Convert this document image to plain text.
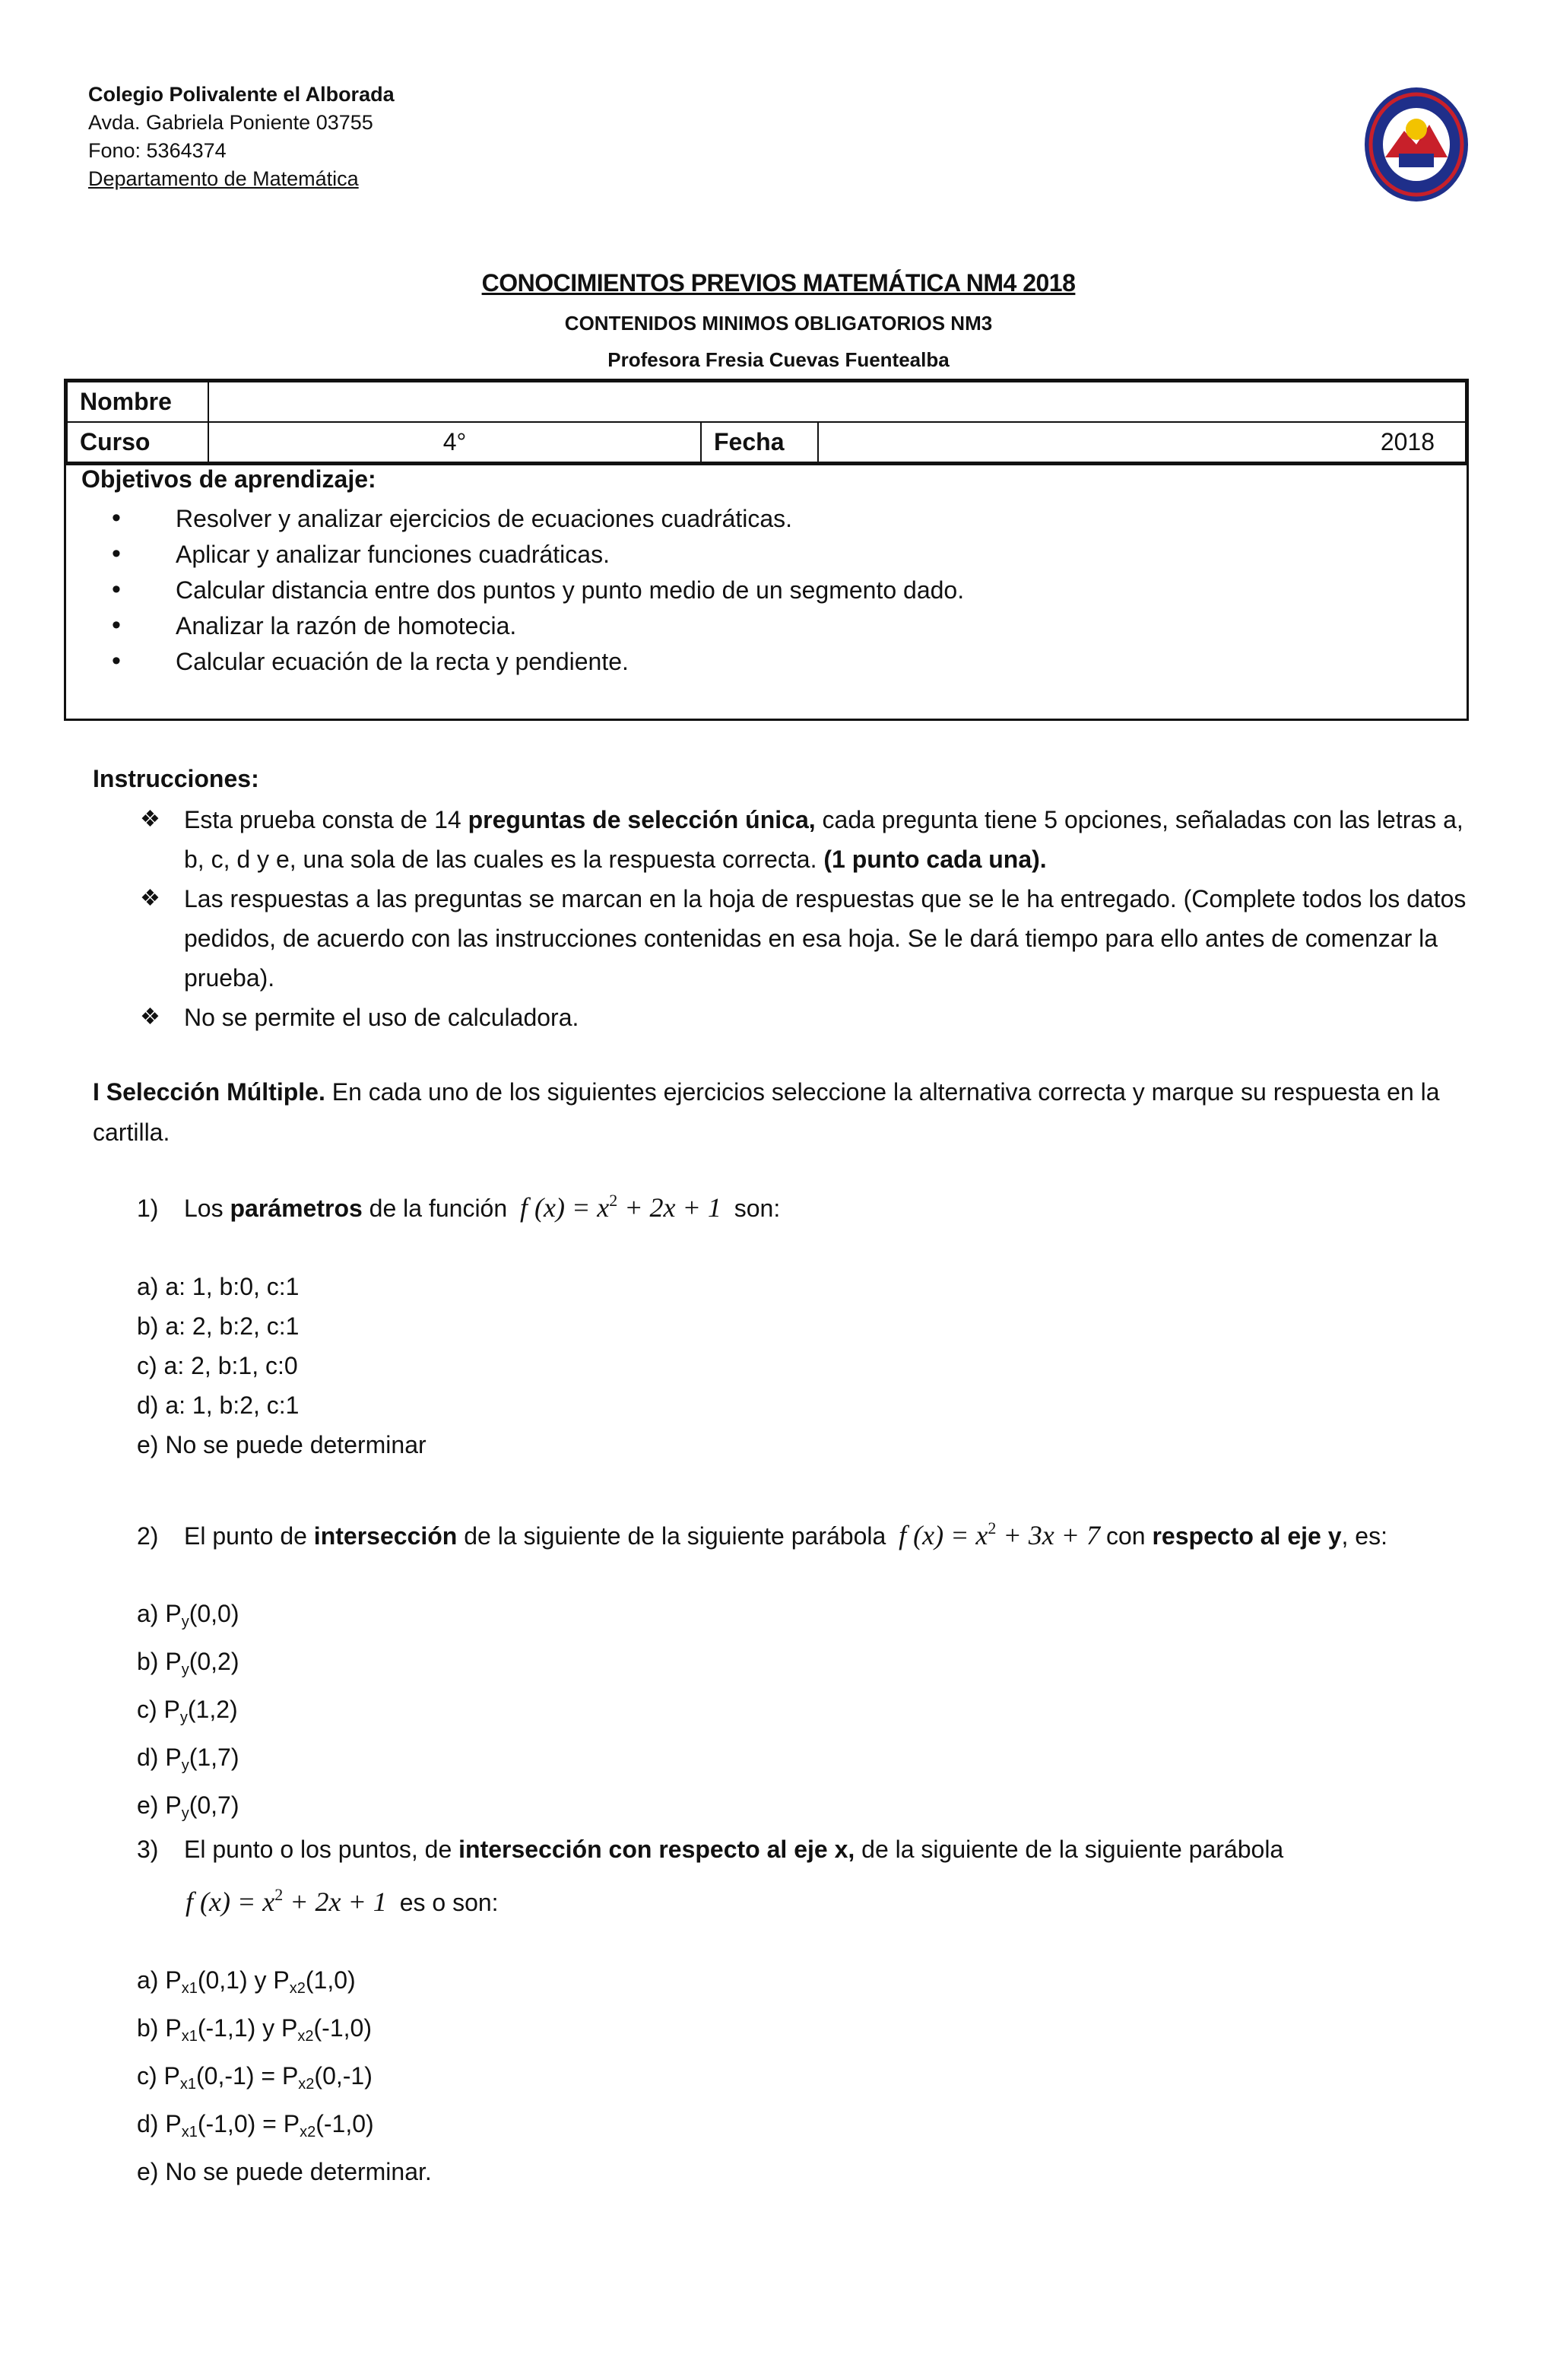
Colegio Polivalente el Alborada
Avda. Gabriela Poniente 03755
Fono: 5364374
Departamento de Matemática
CONOCIMIENTOS PREVIOS MATEMÁTICA NM4 2018
CONTENIDOS MINIMOS OBLIGATORIOS NM3
Profesora Fresia Cuevas Fuentealba
Nombre			
Curso	4°	Fecha	2018
Objetivos de aprendizaje:
• Resolver y analizar ejercicios de ecuaciones cuadráticas.
• Aplicar y analizar funciones cuadráticas.
• Calcular distancia entre dos puntos y punto medio de un segmento dado.
• Analizar la razón de homotecia.
• Calcular ecuación de la recta y pendiente.
Instrucciones:
❖ Esta prueba consta de 14 preguntas de selección única, cada pregunta tiene 5 opciones, señaladas con las letras a, b, c, d y e, una sola de las cuales es la respuesta correcta. (1 punto cada una).
❖ Las respuestas a las preguntas se marcan en la hoja de respuestas que se le ha entregado. (Complete todos los datos pedidos, de acuerdo con las instrucciones contenidas en esa hoja. Se le dará tiempo para ello antes de comenzar la prueba).
❖ No se permite el uso de calculadora.
I Selección Múltiple. En cada uno de los siguientes ejercicios seleccione la alternativa correcta y marque su respuesta en la cartilla.
1) Los parámetros de la función f $(x) = x^2 + 2x + 1$ son:
a) a: 1, b:0, c:1
b) a: 2, b:2, c:1
c) a: 2, b:1, c:0
d) a: 1, b:2, c:1
e) No se puede determinar
2) El punto de intersección de la siguiente de la siguiente parábola f $(x) = x^2 + 3x + 7$ con respecto al eje y, es:
a) $P_y(0,0)$
b) $P_y(0,2)$
c) $P_y(1,2)$
d) $P_y(1,7)$
e) $P_y(0,7)$
3) El punto o los puntos, de intersección con respecto al eje x, de la siguiente de la siguiente parábola
f $(x) = x^2 + 2x + 1$ es o son:
a) $P_{x1}(0,1)$ y $P_{x2}(1,0)$
b) $P_{x1}(-1,1)$ y $P_{x2}(-1,0)$
c) $P_{x1}(0,-1) = P_{x2}(0,-1)$
d) $P_{x1}(-1,0) = P_{x2}(-1,0)$
e) No se puede determinar.
